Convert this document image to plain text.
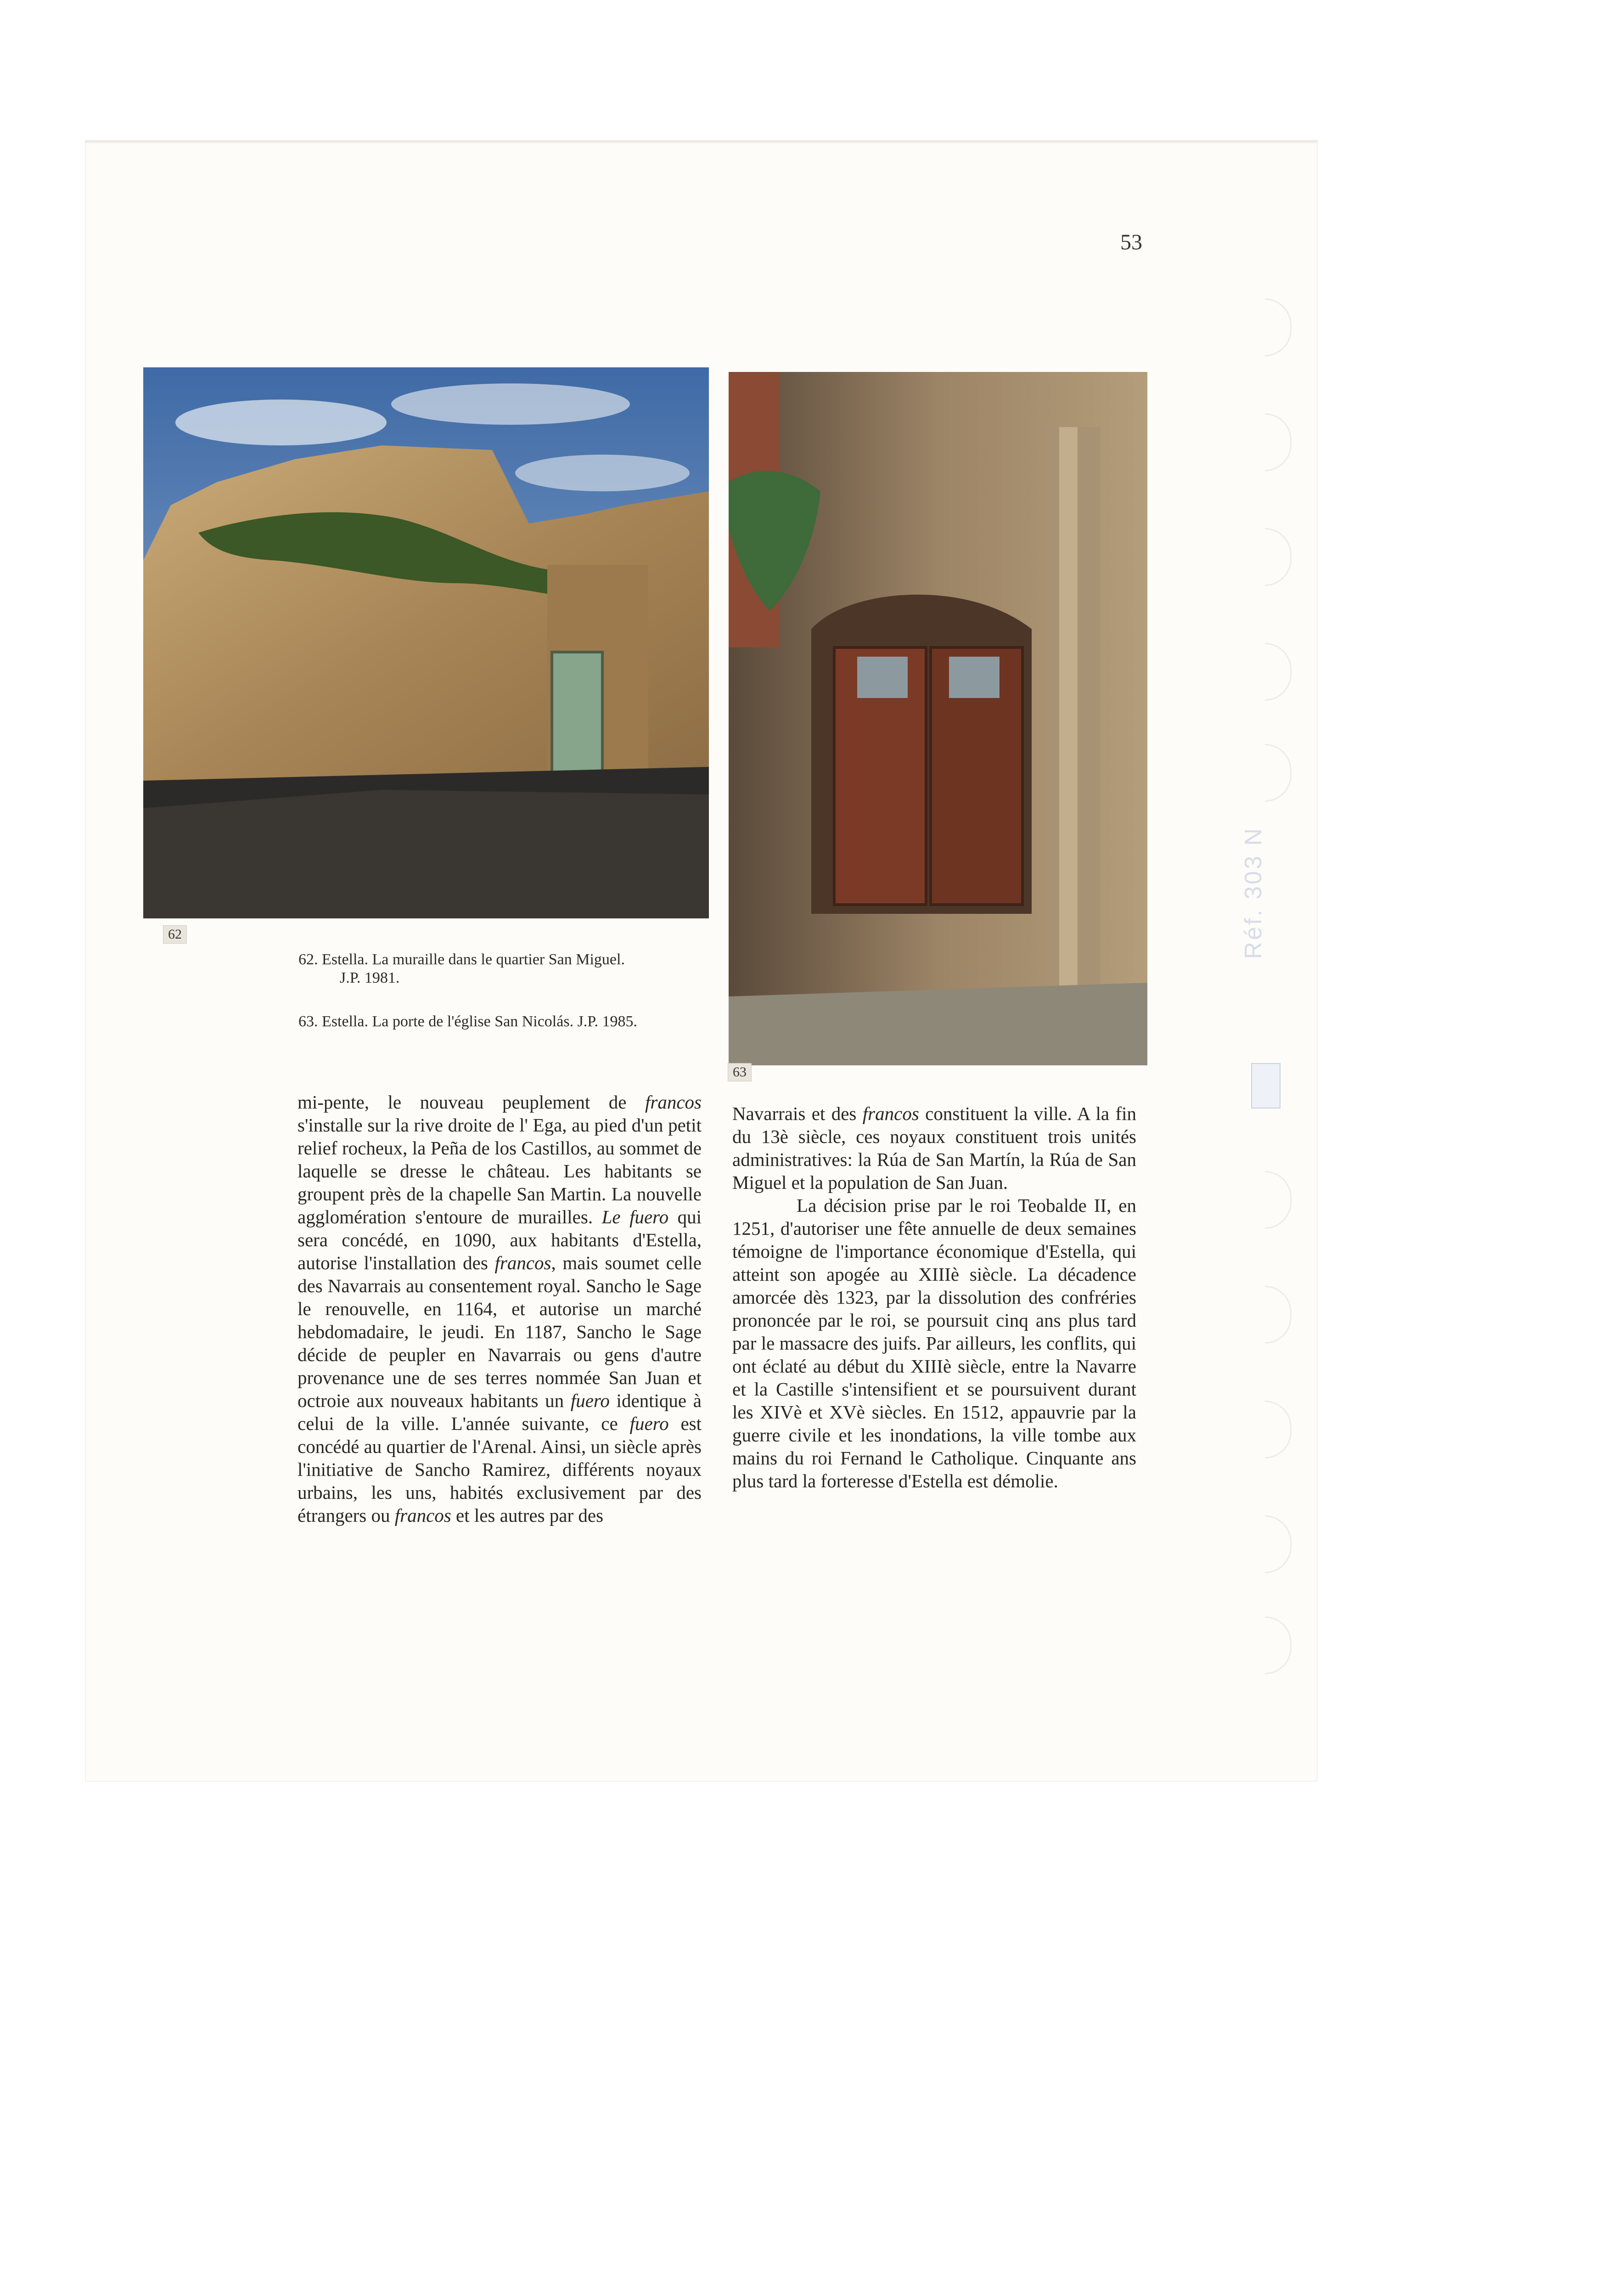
53
62
63
62. Estella. La muraille dans le quartier San Miguel.
J.P. 1981.
63. Estella. La porte de l'église San Nicolás. J.P. 1985.

mi-pente, le nouveau peuplement de francos s'installe sur la rive droite de l' Ega, au pied d'un petit relief rocheux, la Peña de los Castillos, au sommet de laquelle se dresse le château. Les habitants se groupent près de la chapelle San Martin. La nouvelle agglomération s'entoure de murailles. Le fuero qui sera concédé, en 1090, aux habitants d'Estella, autorise l'installation des francos, mais soumet celle des Navarrais au consentement royal. Sancho le Sage le renouvelle, en 1164, et autorise un marché hebdomadaire, le jeudi. En 1187, Sancho le Sage décide de peupler en Navarrais ou gens d'autre provenance une de ses terres nommée San Juan et octroie aux nouveaux habitants un fuero identique à celui de la ville. L'année suivante, ce fuero est concédé au quartier de l'Arenal. Ainsi, un siècle après l'initiative de Sancho Ramirez, différents noyaux urbains, les uns, habités exclusivement par des étrangers ou francos et les autres par des

Navarrais et des francos constituent la ville. A la fin du 13è siècle, ces noyaux constituent trois unités administratives: la Rúa de San Martín, la Rúa de San Miguel et la population de San Juan.

La décision prise par le roi Teobalde II, en 1251, d'autoriser une fête annuelle de deux semaines témoigne de l'importance économique d'Estella, qui atteint son apogée au XIIIè siècle. La décadence amorcée dès 1323, par la dissolution des confréries prononcée par le roi, se poursuit cinq ans plus tard par le massacre des juifs. Par ailleurs, les conflits, qui ont éclaté au début du XIIIè siècle, entre la Navarre et la Castille s'intensifient et se poursuivent durant les XIVè et XVè siècles. En 1512, appauvrie par la guerre civile et les inondations, la ville tombe aux mains du roi Fernand le Catholique. Cinquante ans plus tard la forteresse d'Estella est démolie.

Réf. 303 N
